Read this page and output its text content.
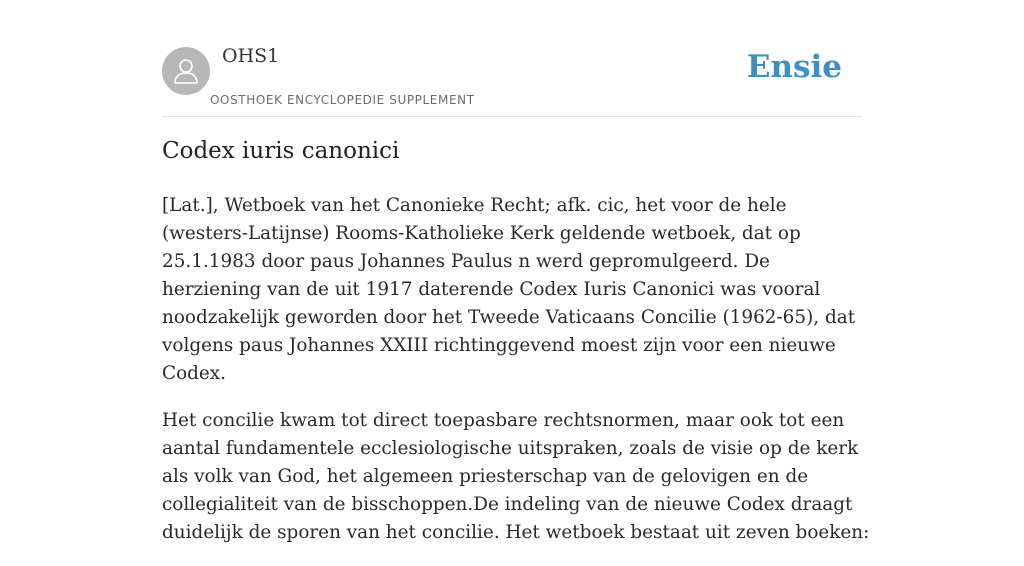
OHS1
OOSTHOEK ENCYCLOPEDIE SUPPLEMENT
Ensie
Codex iuris canonici

[Lat.], Wetboek van het Canonieke Recht; afk. cic, het voor de hele (westers-Latijnse) Rooms-Katholieke Kerk geldende wetboek, dat op 25.1.1983 door paus Johannes Paulus n werd gepromulgeerd. De herziening van de uit 1917 daterende Codex Iuris Canonici was vooral noodzakelijk geworden door het Tweede Vaticaans Concilie (1962-65), dat volgens paus Johannes XXIII richtinggevend moest zijn voor een nieuwe Codex.

Het concilie kwam tot direct toepasbare rechtsnormen, maar ook tot een aantal fundamentele ecclesiologische uitspraken, zoals de visie op de kerk als volk van God, het algemeen priesterschap van de gelovigen en de collegialiteit van de bisschoppen.De indeling van de nieuwe Codex draagt duidelijk de sporen van het concilie. Het wetboek bestaat uit zeven boeken:
